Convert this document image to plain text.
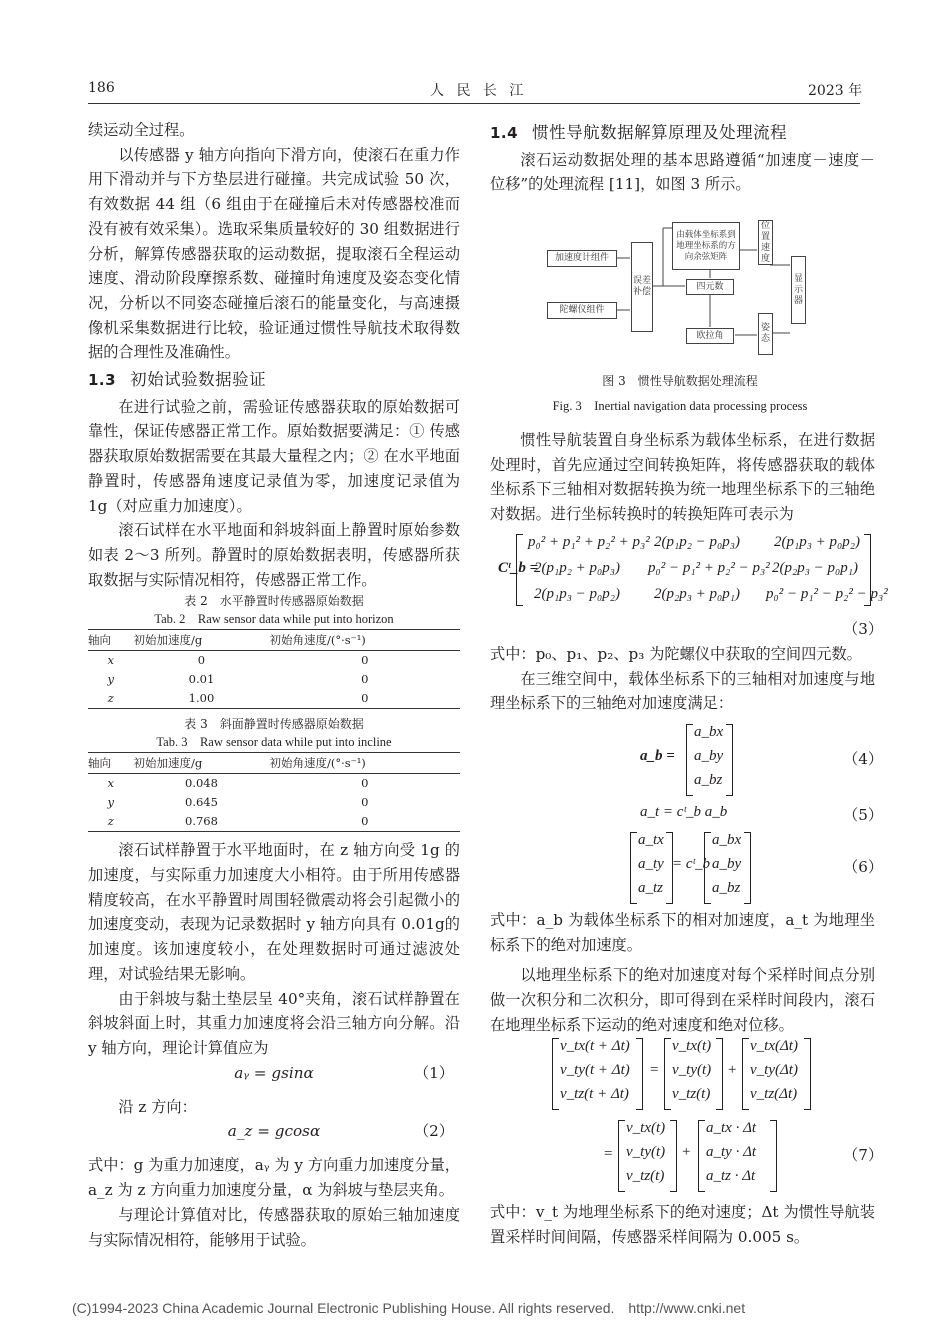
186	人 民 长 江	2023 年

续运动全过程。

以传感器 y 轴方向指向下滑方向，使滚石在重力作用下滑动并与下方垫层进行碰撞。共完成试验 50 次，有效数据 44 组（6 组由于在碰撞后未对传感器校准而没有被有效采集）。选取采集质量较好的 30 组数据进行分析，解算传感器获取的运动数据，提取滚石全程运动速度、滑动阶段摩擦系数、碰撞时角速度及姿态变化情况，分析以不同姿态碰撞后滚石的能量变化，与高速摄像机采集数据进行比较，验证通过惯性导航技术取得数据的合理性及准确性。

1.3 初始试验数据验证

在进行试验之前，需验证传感器获取的原始数据可靠性，保证传感器正常工作。原始数据要满足：① 传感器获取原始数据需要在其最大量程之内；② 在水平地面静置时，传感器角速度记录值为零，加速度记录值为 1g（对应重力加速度）。

滚石试样在水平地面和斜坡斜面上静置时原始参数如表 2～3 所列。静置时的原始数据表明，传感器所获取数据与实际情况相符，传感器正常工作。

表 2　水平静置时传感器原始数据
Tab. 2　Raw sensor data while put into horizon
轴向	初始加速度/g	初始角速度/(°·s⁻¹)
x	0	0
y	0.01	0
z	1.00	0
表 3　斜面静置时传感器原始数据
Tab. 3　Raw sensor data while put into incline
轴向	初始加速度/g	初始角速度/(°·s⁻¹)
x	0.048	0
y	0.645	0
z	0.768	0

滚石试样静置于水平地面时，在 z 轴方向受 1g 的加速度，与实际重力加速度大小相符。由于所用传感器精度较高，在水平静置时周围轻微震动将会引起微小的加速度变动，表现为记录数据时 y 轴方向具有 0.01g的加速度。该加速度较小，在处理数据时可通过滤波处理，对试验结果无影响。

由于斜坡与黏土垫层呈 40°夹角，滚石试样静置在斜坡斜面上时，其重力加速度将会沿三轴方向分解。沿 y 轴方向，理论计算值应为

aᵧ = gsinα	（1）

沿 z 方向：

a_z = gcosα	（2）

式中：g 为重力加速度，aᵧ 为 y 方向重力加速度分量，a_z 为 z 方向重力加速度分量，α 为斜坡与垫层夹角。

与理论计算值对比，传感器获取的原始三轴加速度与实际情况相符，能够用于试验。

1.4 惯性导航数据解算原理及处理流程

滚石运动数据处理的基本思路遵循“加速度－速度－位移”的处理流程 [11]，如图 3 所示。

加速度计组件
陀螺仪组件
误差补偿
由载体坐标系到地理坐标系的方向余弦矩阵
四元数
欧拉角
位置速度
姿态
显示器
图 3　惯性导航数据处理流程
Fig. 3　Inertial navigation data processing process

惯性导航装置自身坐标系为载体坐标系，在进行数据处理时，首先应通过空间转换矩阵，将传感器获取的载体坐标系下三轴相对数据转换为统一地理坐标系下的三轴绝对数据。进行坐标转换时的转换矩阵可表示为

Cᵗ_b =
p₀² + p₁² + p₂² + p₃² 2(p₁p₂ − p₀p₃) 2(p₁p₃ + p₀p₂)
2(p₁p₂ + p₀p₃) p₀² − p₁² + p₂² − p₃² 2(p₂p₃ − p₀p₁)
2(p₁p₃ − p₀p₂) 2(p₂p₃ + p₀p₁) p₀² − p₁² − p₂² − p₃²
（3）

式中：p₀、p₁、p₂、p₃ 为陀螺仪中获取的空间四元数。

在三维空间中，载体坐标系下的三轴相对加速度与地理坐标系下的三轴绝对加速度满足：

a_b =
a_bx
a_by
a_bz
（4）
a_t = cᵗ_b a_b	（5）
a_tx
a_ty
a_tz
= cᵗ_b
a_bx
a_by
a_bz
（6）

式中：a_b 为载体坐标系下的相对加速度，a_t 为地理坐标系下的绝对加速度。

以地理坐标系下的绝对加速度对每个采样时间点分别做一次积分和二次积分，即可得到在采样时间段内，滚石在地理坐标系下运动的绝对速度和绝对位移。

v_tx(t + Δt)
v_ty(t + Δt)
v_tz(t + Δt)
=
v_tx(t)
v_ty(t)
v_tz(t)
+
v_tx(Δt)
v_ty(Δt)
v_tz(Δt)
=
v_tx(t)
v_ty(t)
v_tz(t)
+
a_tx · Δt
a_ty · Δt
a_tz · Δt
（7）

式中：v_t 为地理坐标系下的绝对速度；Δt 为惯性导航装置采样时间间隔，传感器采样间隔为 0.005 s。

(C)1994-2023 China Academic Journal Electronic Publishing House. All rights reserved.　http://www.cnki.net
